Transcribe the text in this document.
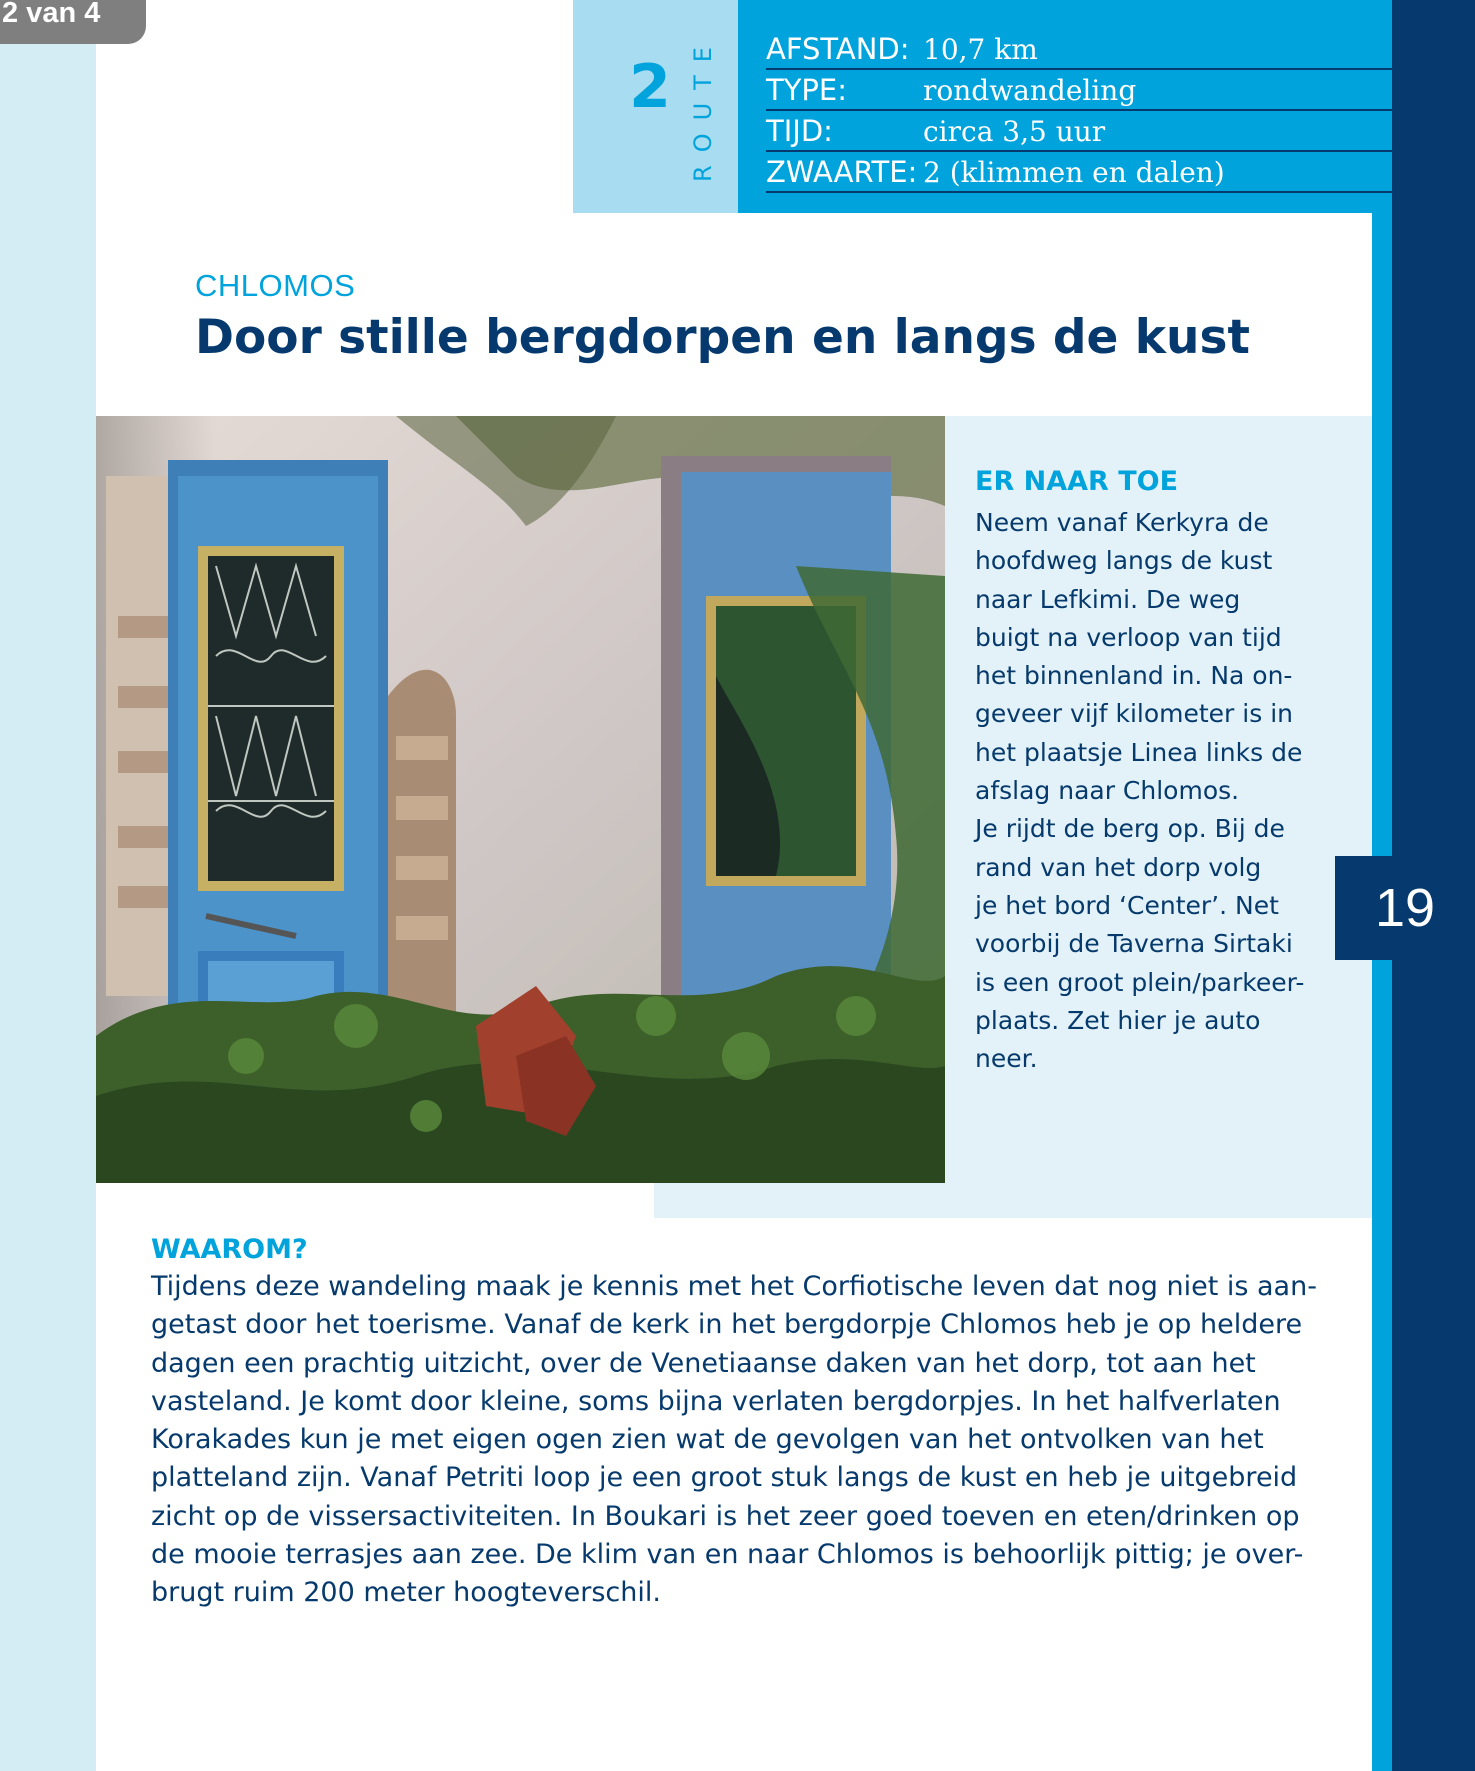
2 van 4
2 ROUTE AFSTAND: 10,7 km
TYPE:	rondwandeling
TIJD:	circa 3,5 uur
ZWAARTE: 2 (klimmen en dalen)
CHLOMOS
Door stille bergdorpen en langs de kust
ER NAAR TOE
Neem vanaf Kerkyra de
hoofdweg langs de kust
naar Lefkimi. De weg
buigt na verloop van tijd
het binnenland in. Na on-
geveer vijf kilometer is in
het plaatsje Linea links de
afslag naar Chlomos.
Je rijdt de berg op. Bij de
rand van het dorp volg
je het bord ‘Center’. Net
voorbij de Taverna Sirtaki
is een groot plein/parkeer-
plaats. Zet hier je auto
neer.
19
WAAROM?
Tijdens deze wandeling maak je kennis met het Corfiotische leven dat nog niet is aan-
getast door het toerisme. Vanaf de kerk in het bergdorpje Chlomos heb je op heldere
dagen een prachtig uitzicht, over de Venetiaanse daken van het dorp, tot aan het
vasteland. Je komt door kleine, soms bijna verlaten bergdorpjes. In het halfverlaten
Korakades kun je met eigen ogen zien wat de gevolgen van het ontvolken van het
platteland zijn. Vanaf Petriti loop je een groot stuk langs de kust en heb je uitgebreid
zicht op de vissersactiviteiten. In Boukari is het zeer goed toeven en eten/drinken op
de mooie terrasjes aan zee. De klim van en naar Chlomos is behoorlijk pittig; je over-
brugt ruim 200 meter hoogteverschil.
